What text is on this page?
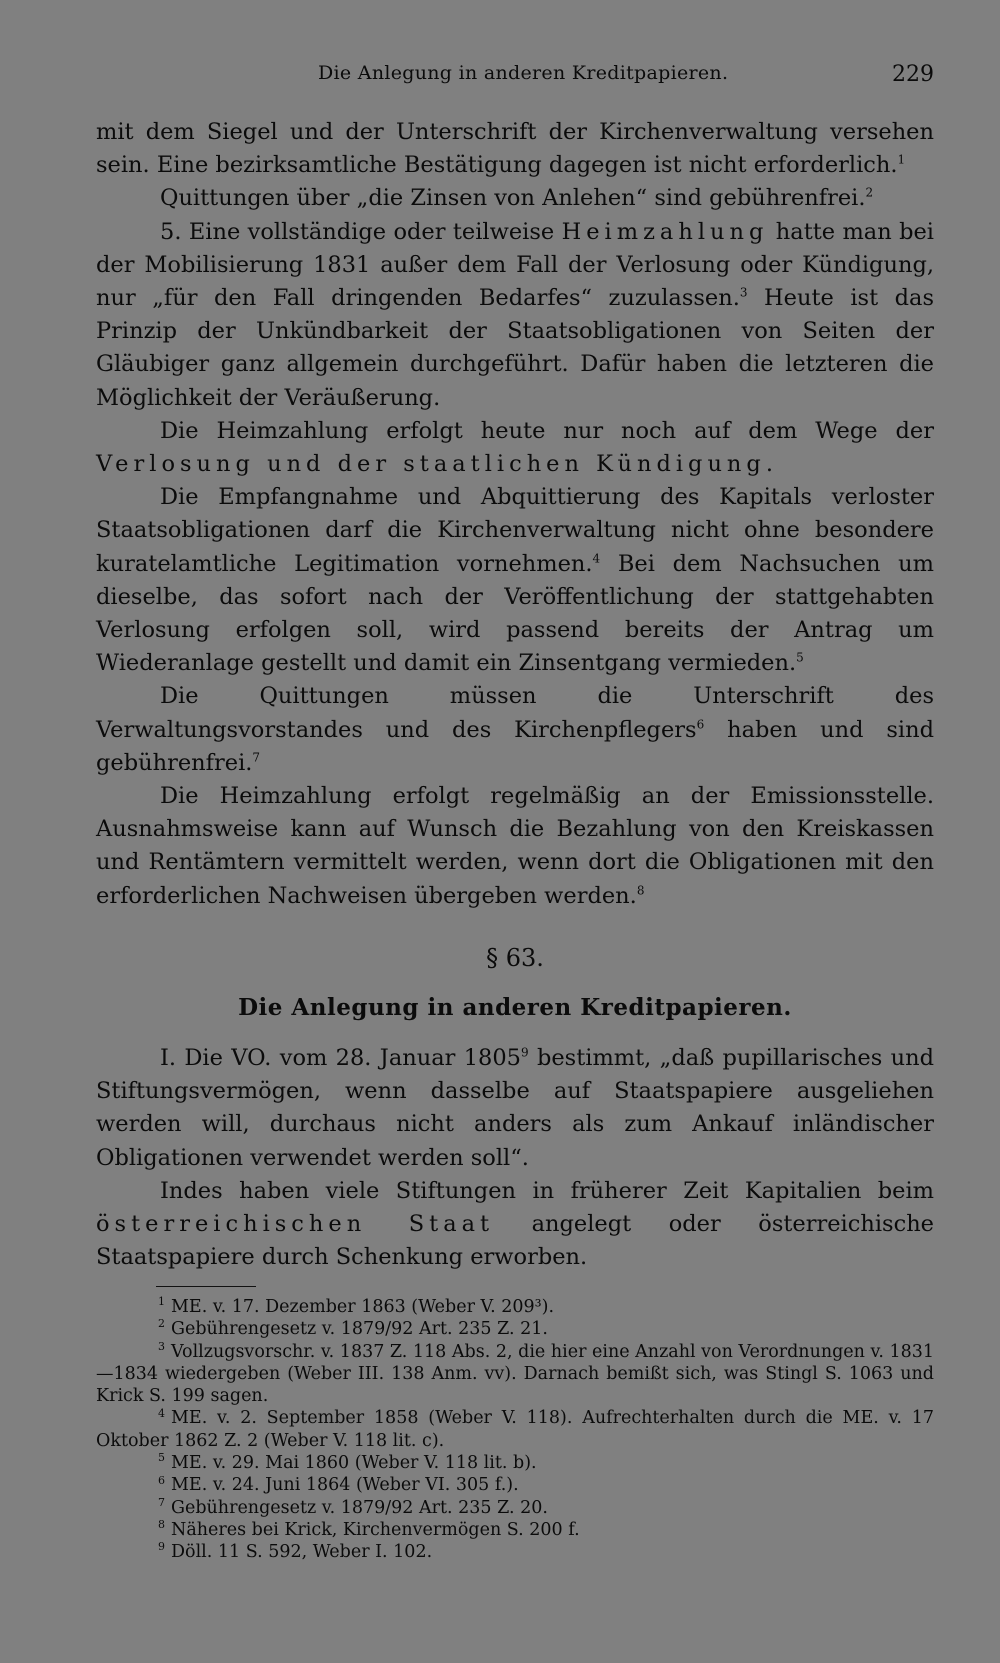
Die Anlegung in anderen Kreditpapieren.	229

mit dem Siegel und der Unterschrift der Kirchenverwaltung versehen sein. Eine bezirksamtliche Bestätigung dagegen ist nicht erforderlich.$^1$

Quittungen über „die Zinsen von Anlehen“ sind gebührenfrei.$^2$

5. Eine vollständige oder teilweise Heimzahlung hatte man bei der Mobilisierung 1831 außer dem Fall der Verlosung oder Kündigung, nur „für den Fall dringenden Bedarfes“ zuzulassen.$^3$ Heute ist das Prinzip der Unkündbarkeit der Staatsobligationen von Seiten der Gläubiger ganz allgemein durchgeführt. Dafür haben die letzteren die Möglichkeit der Veräußerung.

Die Heimzahlung erfolgt heute nur noch auf dem Wege der Verlosung und der staatlichen Kündigung.

Die Empfangnahme und Abquittierung des Kapitals verloster Staatsobligationen darf die Kirchenverwaltung nicht ohne besondere kuratelamtliche Legitimation vornehmen.$^4$ Bei dem Nachsuchen um dieselbe, das sofort nach der Veröffentlichung der stattgehabten Verlosung erfolgen soll, wird passend bereits der Antrag um Wiederanlage gestellt und damit ein Zinsentgang vermieden.$^5$

Die Quittungen müssen die Unterschrift des Verwaltungsvorstandes und des Kirchenpflegers$^6$ haben und sind gebührenfrei.$^7$

Die Heimzahlung erfolgt regelmäßig an der Emissionsstelle. Ausnahmsweise kann auf Wunsch die Bezahlung von den Kreiskassen und Rentämtern vermittelt werden, wenn dort die Obligationen mit den erforderlichen Nachweisen übergeben werden.$^8$

§ 63.
Die Anlegung in anderen Kreditpapieren.

I. Die VO. vom 28. Januar 1805$^9$ bestimmt, „daß pupillarisches und Stiftungsvermögen, wenn dasselbe auf Staatspapiere ausgeliehen werden will, durchaus nicht anders als zum Ankauf inländischer Obligationen verwendet werden soll“.

Indes haben viele Stiftungen in früherer Zeit Kapitalien beim österreichischen Staat angelegt oder österreichische Staatspapiere durch Schenkung erworben.

$^1$ ME. v. 17. Dezember 1863 (Weber V. 209³).

$^2$ Gebührengesetz v. 1879/92 Art. 235 Z. 21.

$^3$ Vollzugsvorschr. v. 1837 Z. 118 Abs. 2, die hier eine Anzahl von Verordnungen v. 1831—1834 wiedergeben (Weber III. 138 Anm. vv). Darnach bemißt sich, was Stingl S. 1063 und Krick S. 199 sagen.

$^4$ ME. v. 2. September 1858 (Weber V. 118). Aufrechterhalten durch die ME. v. 17 Oktober 1862 Z. 2 (Weber V. 118 lit. c).

$^5$ ME. v. 29. Mai 1860 (Weber V. 118 lit. b).

$^6$ ME. v. 24. Juni 1864 (Weber VI. 305 f.).

$^7$ Gebührengesetz v. 1879/92 Art. 235 Z. 20.

$^8$ Näheres bei Krick, Kirchenvermögen S. 200 f.

$^9$ Döll. 11 S. 592, Weber I. 102.
